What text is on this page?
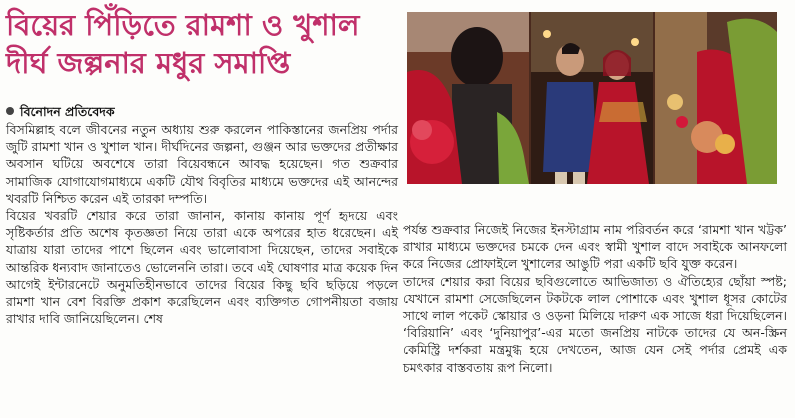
বিয়ের পিঁড়িতে রামশা ও খুশাল
দীর্ঘ জল্পনার মধুর সমাপ্তি
বিনোদন প্রতিবেদক

বিসমিল্লাহ বলে জীবনের নতুন অধ্যায় শুরু করলেন পাকিস্তানের জনপ্রিয় পর্দার জুটি রামশা খান ও খুশাল খান। দীর্ঘদিনের জল্পনা, গুঞ্জন আর ভক্তদের প্রতীক্ষার অবসান ঘটিয়ে অবশেষে তারা বিয়েবন্ধনে আবদ্ধ হয়েছেন। গত শুক্রবার সামাজিক যোগাযোগমাধ্যমে একটি যৌথ বিবৃতির মাধ্যমে ভক্তদের এই আনন্দের খবরটি নিশ্চিত করেন এই তারকা দম্পতি।

বিয়ের খবরটি শেয়ার করে তারা জানান, কানায় কানায় পূর্ণ হৃদয়ে এবং সৃষ্টিকর্তার প্রতি অশেষ কৃতজ্ঞতা নিয়ে তারা একে অপরের হাত ধরেছেন। এই যাত্রায় যারা তাদের পাশে ছিলেন এবং ভালোবাসা দিয়েছেন, তাদের সবাইকে আন্তরিক ধন্যবাদ জানাতেও ভোলেননি তারা। তবে এই ঘোষণার মাত্র কয়েক দিন আগেই ইন্টারনেটে অনুমতিহীনভাবে তাদের বিয়ের কিছু ছবি ছড়িয়ে পড়লে রামশা খান বেশ বিরক্তি প্রকাশ করেছিলেন এবং ব্যক্তিগত গোপনীয়তা বজায় রাখার দাবি জানিয়েছিলেন। শেষ

পর্যন্ত শুক্রবার নিজেই নিজের ইনস্টাগ্রাম নাম পরিবর্তন করে ‘রামশা খান খট্টক’ রাখার মাধ্যমে ভক্তদের চমকে দেন এবং স্বামী খুশাল বাদে সবাইকে আনফলো করে নিজের প্রোফাইলে খুশালের আঙুটি পরা একটি ছবি যুক্ত করেন।

তাদের শেয়ার করা বিয়ের ছবিগুলোতে আভিজাত্য ও ঐতিহ্যের ছোঁয়া স্পষ্ট; যেখানে রামশা সেজেছিলেন টকটকে লাল পোশাকে এবং খুশাল ধূসর কোটের সাথে লাল পকেট স্কোয়ার ও ওড়না মিলিয়ে দারুণ এক সাজে ধরা দিয়েছিলেন। ‘বিরিয়ানি’ এবং ‘দুনিয়াপুর’-এর মতো জনপ্রিয় নাটকে তাদের যে অন-স্ক্রিন কেমিস্ট্রি দর্শকরা মন্ত্রমুগ্ধ হয়ে দেখতেন, আজ যেন সেই পর্দার প্রেমই এক চমৎকার বাস্তবতায় রূপ নিলো।
